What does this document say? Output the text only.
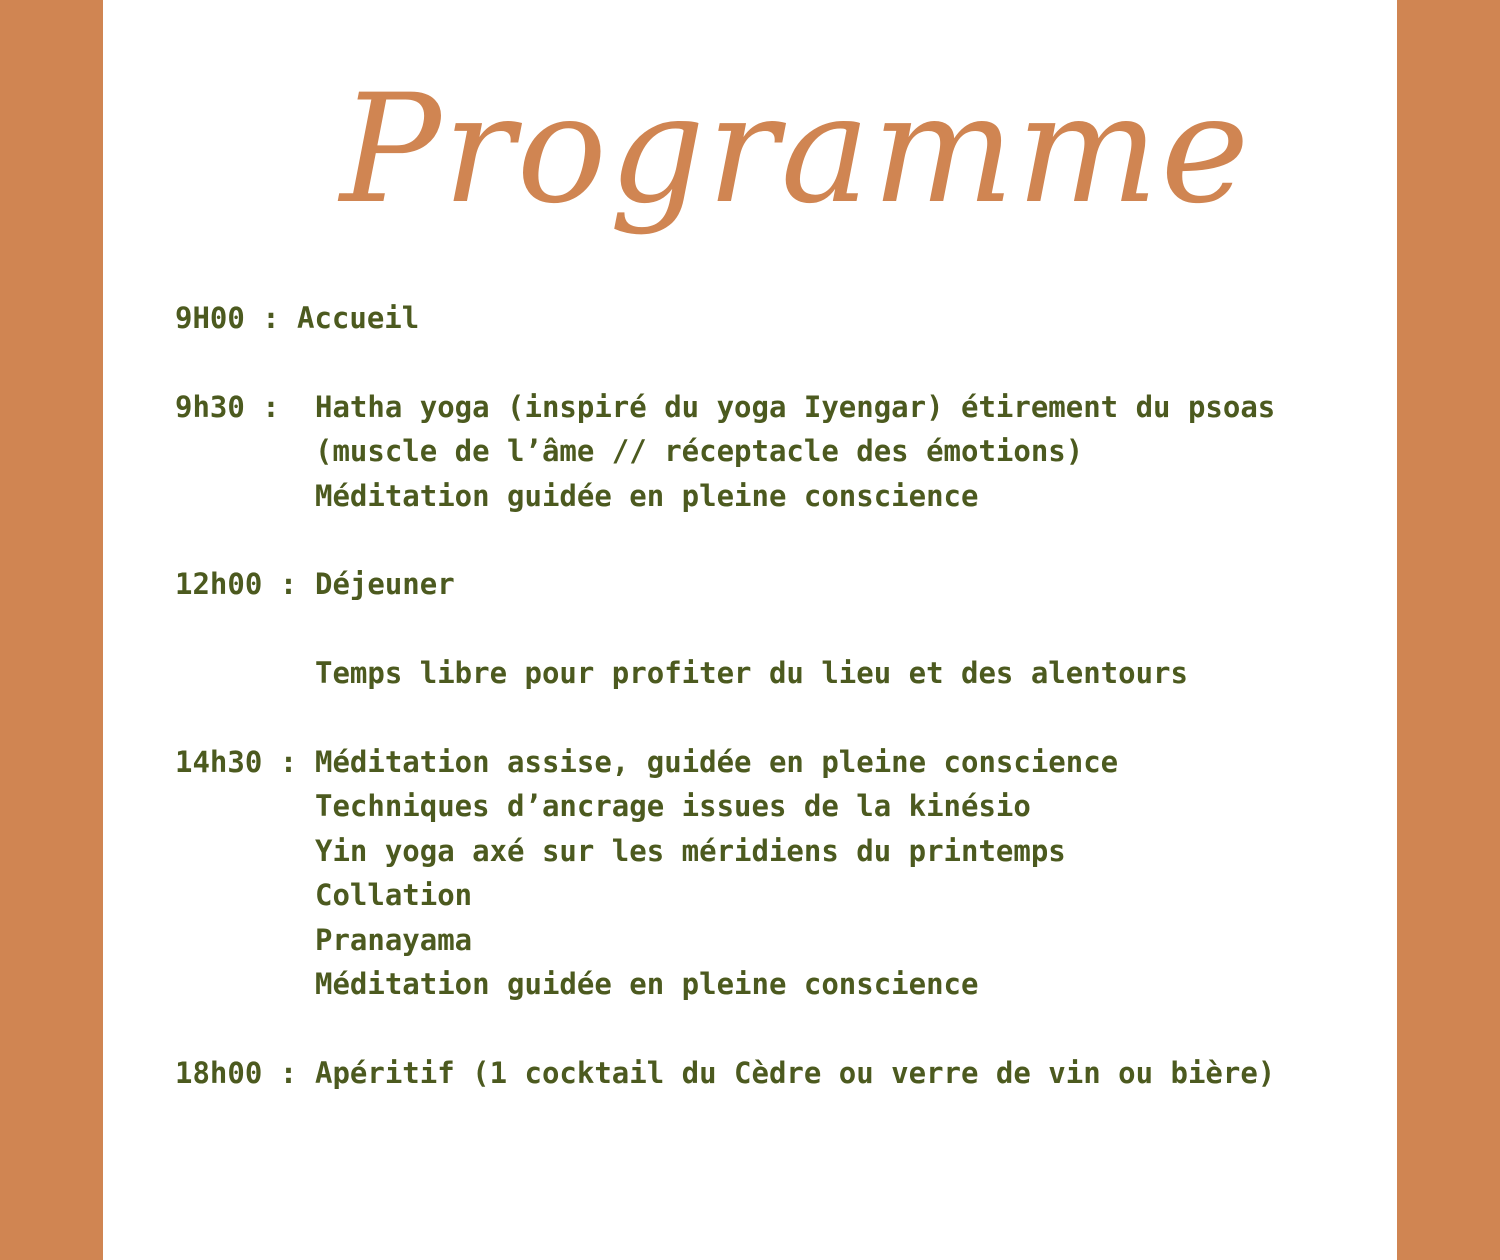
Programme
9H00 : Accueil
9h30 :	Hatha yoga (inspiré du yoga Iyengar) étirement du psoas
(muscle de l’âme // réceptacle des émotions)
Méditation guidée en pleine conscience
12h00 : Déjeuner
Temps libre pour profiter du lieu et des alentours
14h30 : Méditation assise, guidée en pleine conscience
Techniques d’ancrage issues de la kinésio
Yin yoga axé sur les méridiens du printemps
Collation
Pranayama
Méditation guidée en pleine conscience
18h00 : Apéritif (1 cocktail du Cèdre ou verre de vin ou bière)
